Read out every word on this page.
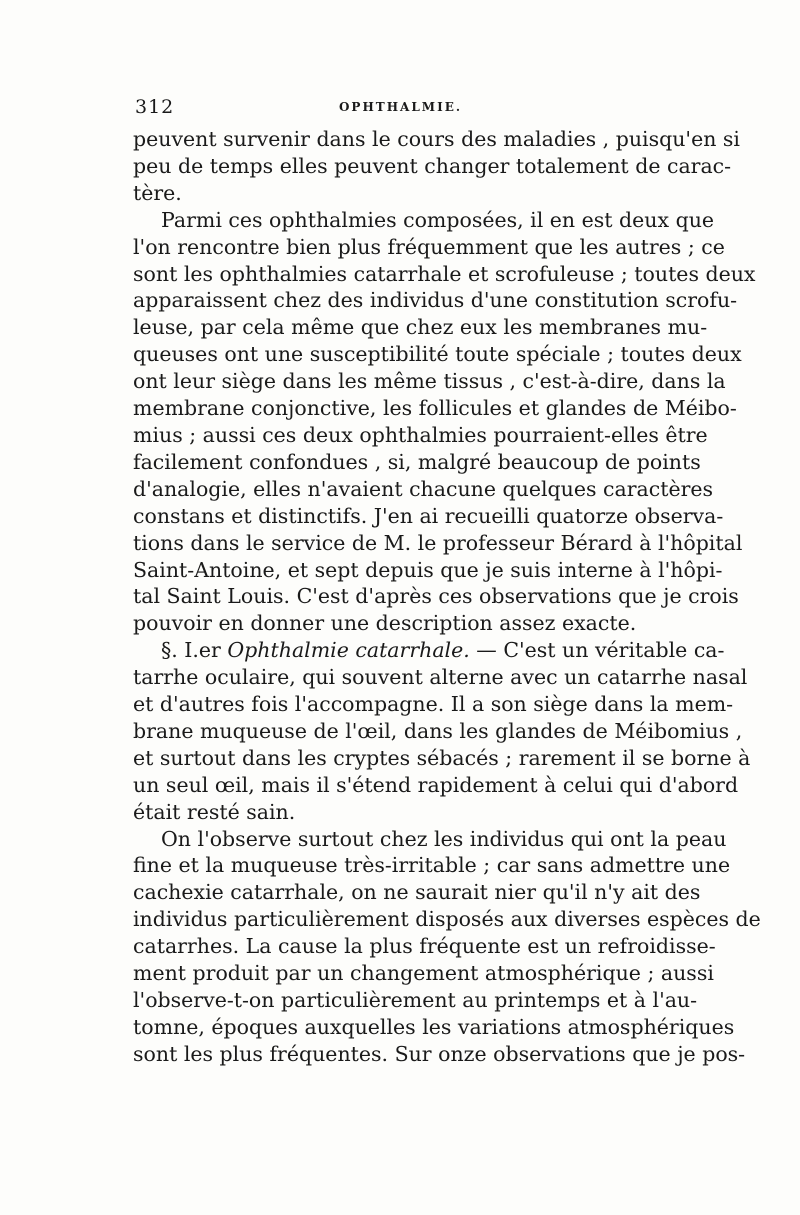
312	OPHTHALMIE.
peuvent survenir dans le cours des maladies , puisqu'en si
peu de temps elles peuvent changer totalement de carac-
tère.
Parmi ces ophthalmies composées, il en est deux que
l'on rencontre bien plus fréquemment que les autres ; ce
sont les ophthalmies catarrhale et scrofuleuse ; toutes deux
apparaissent chez des individus d'une constitution scrofu-
leuse, par cela même que chez eux les membranes mu-
queuses ont une susceptibilité toute spéciale ; toutes deux
ont leur siège dans les même tissus , c'est-à-dire, dans la
membrane conjonctive, les follicules et glandes de Méibo-
mius ; aussi ces deux ophthalmies pourraient-elles être
facilement confondues , si, malgré beaucoup de points
d'analogie, elles n'avaient chacune quelques caractères
constans et distinctifs. J'en ai recueilli quatorze observa-
tions dans le service de M. le professeur Bérard à l'hôpital
Saint-Antoine, et sept depuis que je suis interne à l'hôpi-
tal Saint Louis. C'est d'après ces observations que je crois
pouvoir en donner une description assez exacte.
§. I.er Ophthalmie catarrhale. — C'est un véritable ca-
tarrhe oculaire, qui souvent alterne avec un catarrhe nasal
et d'autres fois l'accompagne. Il a son siège dans la mem-
brane muqueuse de l'œil, dans les glandes de Méibomius ,
et surtout dans les cryptes sébacés ; rarement il se borne à
un seul œil, mais il s'étend rapidement à celui qui d'abord
était resté sain.
On l'observe surtout chez les individus qui ont la peau
fine et la muqueuse très-irritable ; car sans admettre une
cachexie catarrhale, on ne saurait nier qu'il n'y ait des
individus particulièrement disposés aux diverses espèces de
catarrhes. La cause la plus fréquente est un refroidisse-
ment produit par un changement atmosphérique ; aussi
l'observe-t-on particulièrement au printemps et à l'au-
tomne, époques auxquelles les variations atmosphériques
sont les plus fréquentes. Sur onze observations que je pos-
